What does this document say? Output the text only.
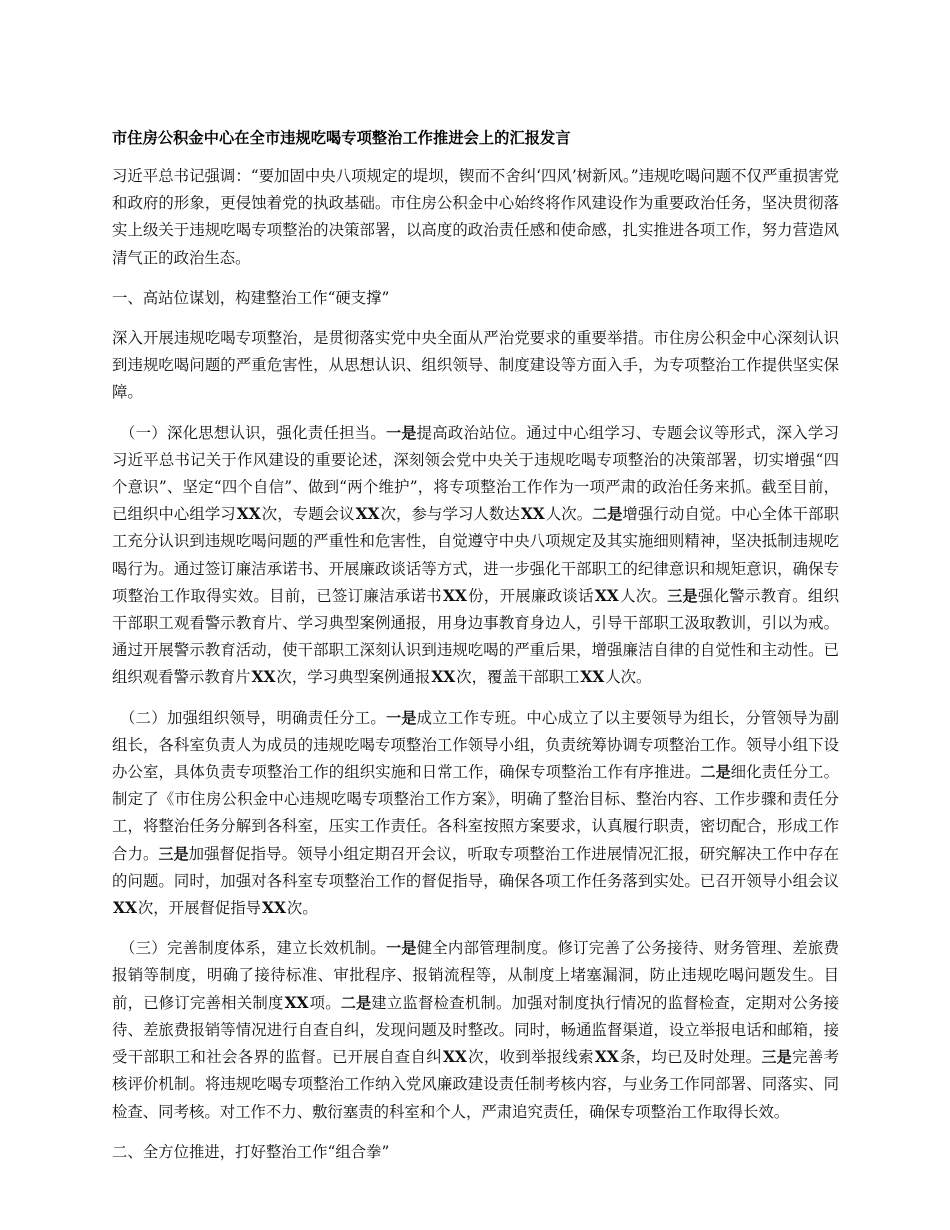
市住房公积金中心在全市违规吃喝专项整治工作推进会上的汇报发言

习近平总书记强调：“要加固中央八项规定的堤坝，锲而不舍纠‘四风’树新风。”违规吃喝问题不仅严重损害党和政府的形象，更侵蚀着党的执政基础。市住房公积金中心始终将作风建设作为重要政治任务，坚决贯彻落实上级关于违规吃喝专项整治的决策部署，以高度的政治责任感和使命感，扎实推进各项工作，努力营造风清气正的政治生态。

一、高站位谋划，构建整治工作“硬支撑”

深入开展违规吃喝专项整治，是贯彻落实党中央全面从严治党要求的重要举措。市住房公积金中心深刻认识到违规吃喝问题的严重危害性，从思想认识、组织领导、制度建设等方面入手，为专项整治工作提供坚实保障。

（一）深化思想认识，强化责任担当。一是提高政治站位。通过中心组学习、专题会议等形式，深入学习习近平总书记关于作风建设的重要论述，深刻领会党中央关于违规吃喝专项整治的决策部署，切实增强“四个意识”、坚定“四个自信”、做到“两个维护”，将专项整治工作作为一项严肃的政治任务来抓。截至目前，已组织中心组学习XX次，专题会议XX次，参与学习人数达XX人次。二是增强行动自觉。中心全体干部职工充分认识到违规吃喝问题的严重性和危害性，自觉遵守中央八项规定及其实施细则精神，坚决抵制违规吃喝行为。通过签订廉洁承诺书、开展廉政谈话等方式，进一步强化干部职工的纪律意识和规矩意识，确保专项整治工作取得实效。目前，已签订廉洁承诺书XX份，开展廉政谈话XX人次。三是强化警示教育。组织干部职工观看警示教育片、学习典型案例通报，用身边事教育身边人，引导干部职工汲取教训，引以为戒。通过开展警示教育活动，使干部职工深刻认识到违规吃喝的严重后果，增强廉洁自律的自觉性和主动性。已组织观看警示教育片XX次，学习典型案例通报XX次，覆盖干部职工XX人次。

（二）加强组织领导，明确责任分工。一是成立工作专班。中心成立了以主要领导为组长，分管领导为副组长，各科室负责人为成员的违规吃喝专项整治工作领导小组，负责统筹协调专项整治工作。领导小组下设办公室，具体负责专项整治工作的组织实施和日常工作，确保专项整治工作有序推进。二是细化责任分工。制定了《市住房公积金中心违规吃喝专项整治工作方案》，明确了整治目标、整治内容、工作步骤和责任分工，将整治任务分解到各科室，压实工作责任。各科室按照方案要求，认真履行职责，密切配合，形成工作合力。三是加强督促指导。领导小组定期召开会议，听取专项整治工作进展情况汇报，研究解决工作中存在的问题。同时，加强对各科室专项整治工作的督促指导，确保各项工作任务落到实处。已召开领导小组会议XX次，开展督促指导XX次。

（三）完善制度体系，建立长效机制。一是健全内部管理制度。修订完善了公务接待、财务管理、差旅费报销等制度，明确了接待标准、审批程序、报销流程等，从制度上堵塞漏洞，防止违规吃喝问题发生。目前，已修订完善相关制度XX项。二是建立监督检查机制。加强对制度执行情况的监督检查，定期对公务接待、差旅费报销等情况进行自查自纠，发现问题及时整改。同时，畅通监督渠道，设立举报电话和邮箱，接受干部职工和社会各界的监督。已开展自查自纠XX次，收到举报线索XX条，均已及时处理。三是完善考核评价机制。将违规吃喝专项整治工作纳入党风廉政建设责任制考核内容，与业务工作同部署、同落实、同检查、同考核。对工作不力、敷衍塞责的科室和个人，严肃追究责任，确保专项整治工作取得长效。

二、全方位推进，打好整治工作“组合拳”
